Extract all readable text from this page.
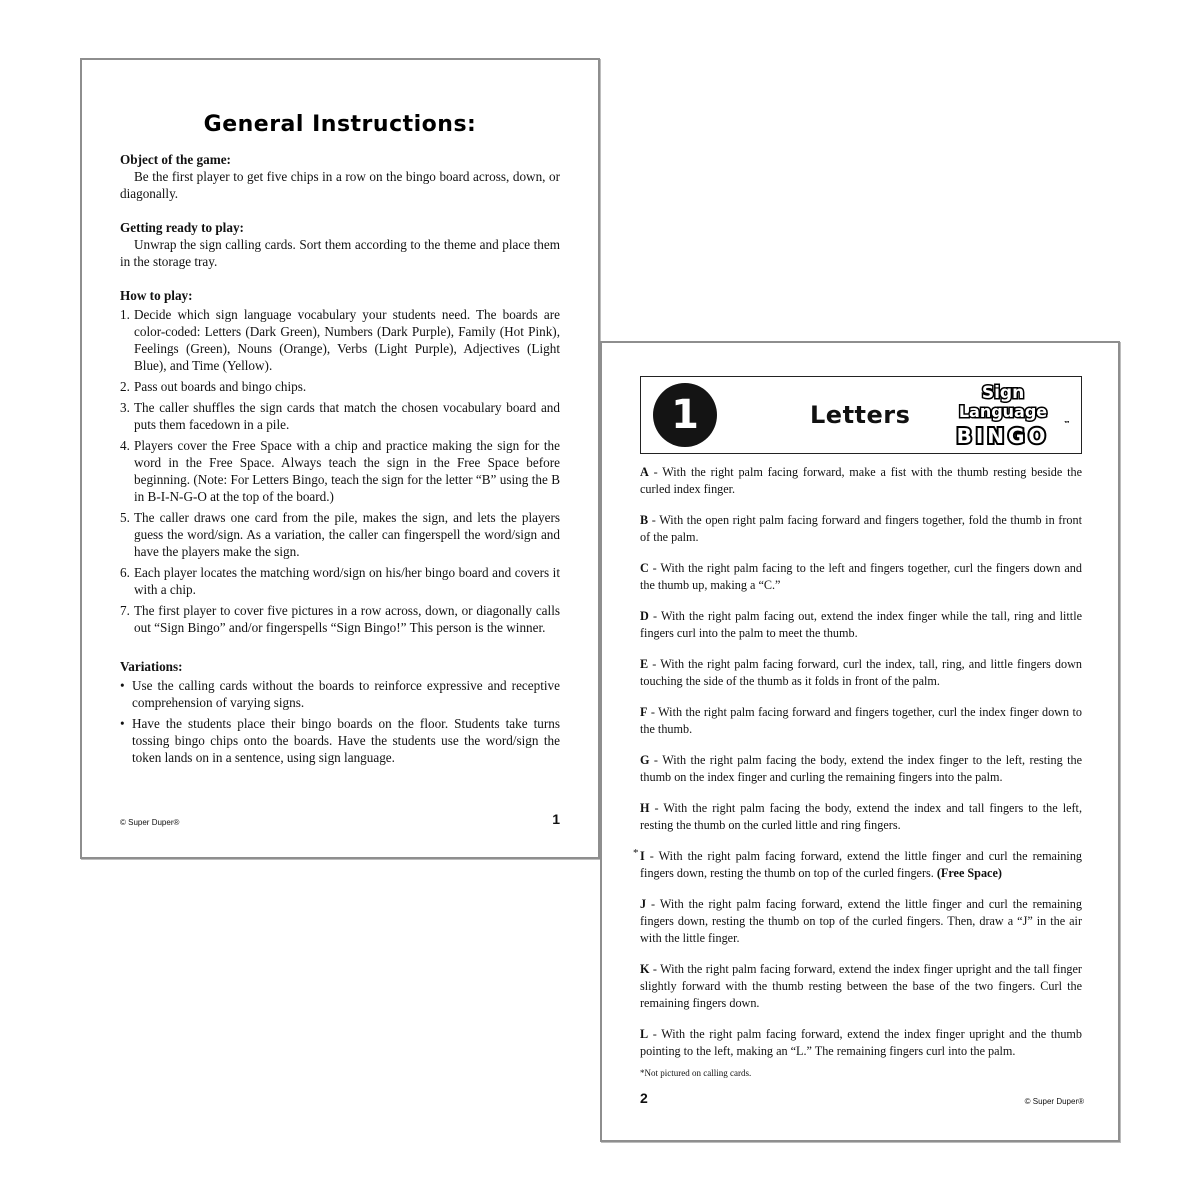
General Instructions:
Object of the game:
Be the first player to get five chips in a row on the bingo board across, down, or diagonally.
Getting ready to play:
Unwrap the sign calling cards. Sort them according to the theme and place them in the storage tray.
How to play:
1. Decide which sign language vocabulary your students need. The boards are color-coded: Letters (Dark Green), Numbers (Dark Purple), Family (Hot Pink), Feelings (Green), Nouns (Orange), Verbs (Light Purple), Adjectives (Light Blue), and Time (Yellow).
2. Pass out boards and bingo chips.
3. The caller shuffles the sign cards that match the chosen vocabulary board and puts them facedown in a pile.
4. Players cover the Free Space with a chip and practice making the sign for the word in the Free Space. Always teach the sign in the Free Space before beginning. (Note: For Letters Bingo, teach the sign for the letter “B” using the B in B-I-N-G-O at the top of the board.)
5. The caller draws one card from the pile, makes the sign, and lets the players guess the word/sign. As a variation, the caller can fingerspell the word/sign and have the players make the sign.
6. Each player locates the matching word/sign on his/her bingo board and covers it with a chip.
7. The first player to cover five pictures in a row across, down, or diagonally calls out “Sign Bingo” and/or fingerspells “Sign Bingo!” This person is the winner.
Variations:
• Use the calling cards without the boards to reinforce expressive and receptive comprehension of varying signs.
• Have the students place their bingo boards on the floor. Students take turns tossing bingo chips onto the boards. Have the students use the word/sign the token lands on in a sentence, using sign language.
© Super Duper®	1
1	Letters
Sign
Language
BINGO ™
A - With the right palm facing forward, make a fist with the thumb resting beside the curled index finger.
B - With the open right palm facing forward and fingers together, fold the thumb in front of the palm.
C - With the right palm facing to the left and fingers together, curl the fingers down and the thumb up, making a “C.”
D - With the right palm facing out, extend the index finger while the tall, ring and little fingers curl into the palm to meet the thumb.
E - With the right palm facing forward, curl the index, tall, ring, and little fingers down touching the side of the thumb as it folds in front of the palm.
F - With the right palm facing forward and fingers together, curl the index finger down to the thumb.
G - With the right palm facing the body, extend the index finger to the left, resting the thumb on the index finger and curling the remaining fingers into the palm.
H - With the right palm facing the body, extend the index and tall fingers to the left, resting the thumb on the curled little and ring fingers.
* I - With the right palm facing forward, extend the little finger and curl the remaining fingers down, resting the thumb on top of the curled fingers. (Free Space)
J - With the right palm facing forward, extend the little finger and curl the remaining fingers down, resting the thumb on top of the curled fingers. Then, draw a “J” in the air with the little finger.
K - With the right palm facing forward, extend the index finger upright and the tall finger slightly forward with the thumb resting between the base of the two fingers. Curl the remaining fingers down.
L - With the right palm facing forward, extend the index finger upright and the thumb pointing to the left, making an “L.” The remaining fingers curl into the palm.
*Not pictured on calling cards.
2	© Super Duper®
